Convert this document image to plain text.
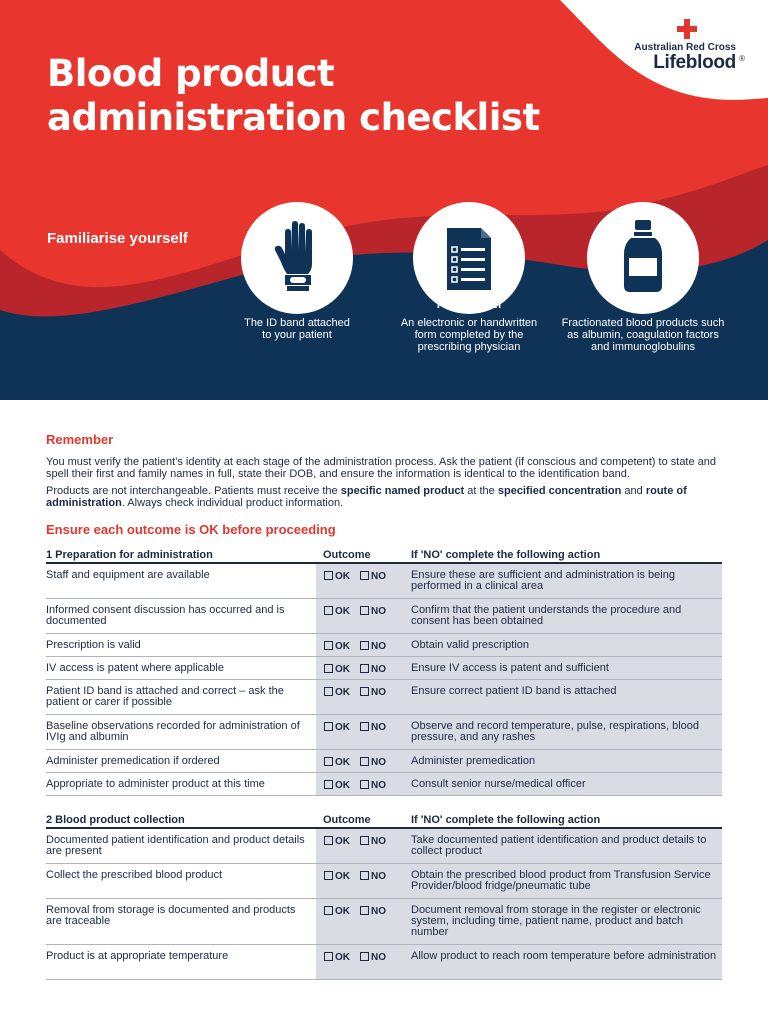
Blood product
administration checklist
Australian Red Cross
Lifeblood ®
Familiarise yourself
Patient
The ID band attached to your patient
Prescription
An electronic or handwritten form completed by the prescribing physician
Product
Fractionated blood products such as albumin, coagulation factors and immunoglobulins
Remember
You must verify the patient's identity at each stage of the administration process. Ask the patient (if conscious and competent) to state and spell their first and family names in full, state their DOB, and ensure the information is identical to the identification band.
Products are not interchangeable. Patients must receive the specific named product at the specified concentration and route of administration. Always check individual product information.
Ensure each outcome is OK before proceeding
1 Preparation for administration	Outcome	If 'NO' complete the following action
Staff and equipment are available	OK NO Ensure these are sufficient and administration is being performed in a clinical area
Informed consent discussion has occurred and is documented
OK NO Confirm that the patient understands the procedure and consent has been obtained
Prescription is valid	OK NO Obtain valid prescription
IV access is patent where applicable	OK NO Ensure IV access is patent and sufficient
Patient ID band is attached and correct – ask the patient or carer if possible
OK NO Ensure correct patient ID band is attached
Baseline observations recorded for administration of IVIg and albumin
OK NO Observe and record temperature, pulse, respirations, blood pressure, and any rashes
Administer premedication if ordered	OK NO Administer premedication
Appropriate to administer product at this time	OK NO Consult senior nurse/medical officer
2 Blood product collection	Outcome	If 'NO' complete the following action
Documented patient identification and product details are present
OK NO Take documented patient identification and product details to collect product
Collect the prescribed blood product	OK NO Obtain the prescribed blood product from Transfusion Service Provider/blood fridge/pneumatic tube
Removal from storage is documented and products are traceable
OK NO Document removal from storage in the register or electronic system, including time, patient name, product and batch number
Product is at appropriate temperature	OK NO Allow product to reach room temperature before administration
